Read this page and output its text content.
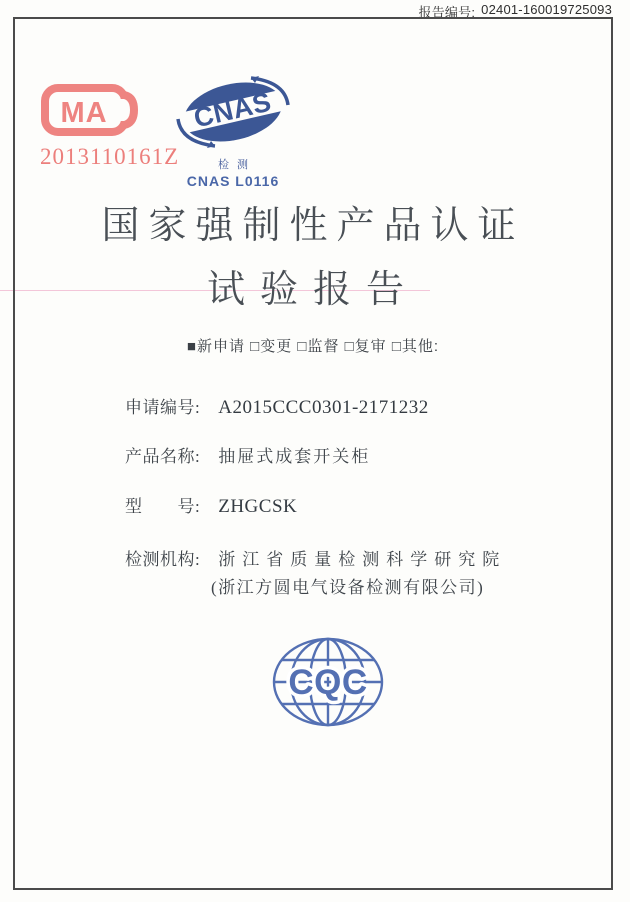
报告编号: 02401-160019725093
MA
2013110161Z
CNAS
检测
CNAS L0116
国家强制性产品认证
试验报告
■新申请 □变更 □监督 □复审 □其他:
申请编号: A2015CCC0301-2171232
产品名称: 抽屉式成套开关柜
型　　号: ZHGCSK
检测机构: 浙江省质量检测科学研究院
(浙江方圆电气设备检测有限公司)
CQC
